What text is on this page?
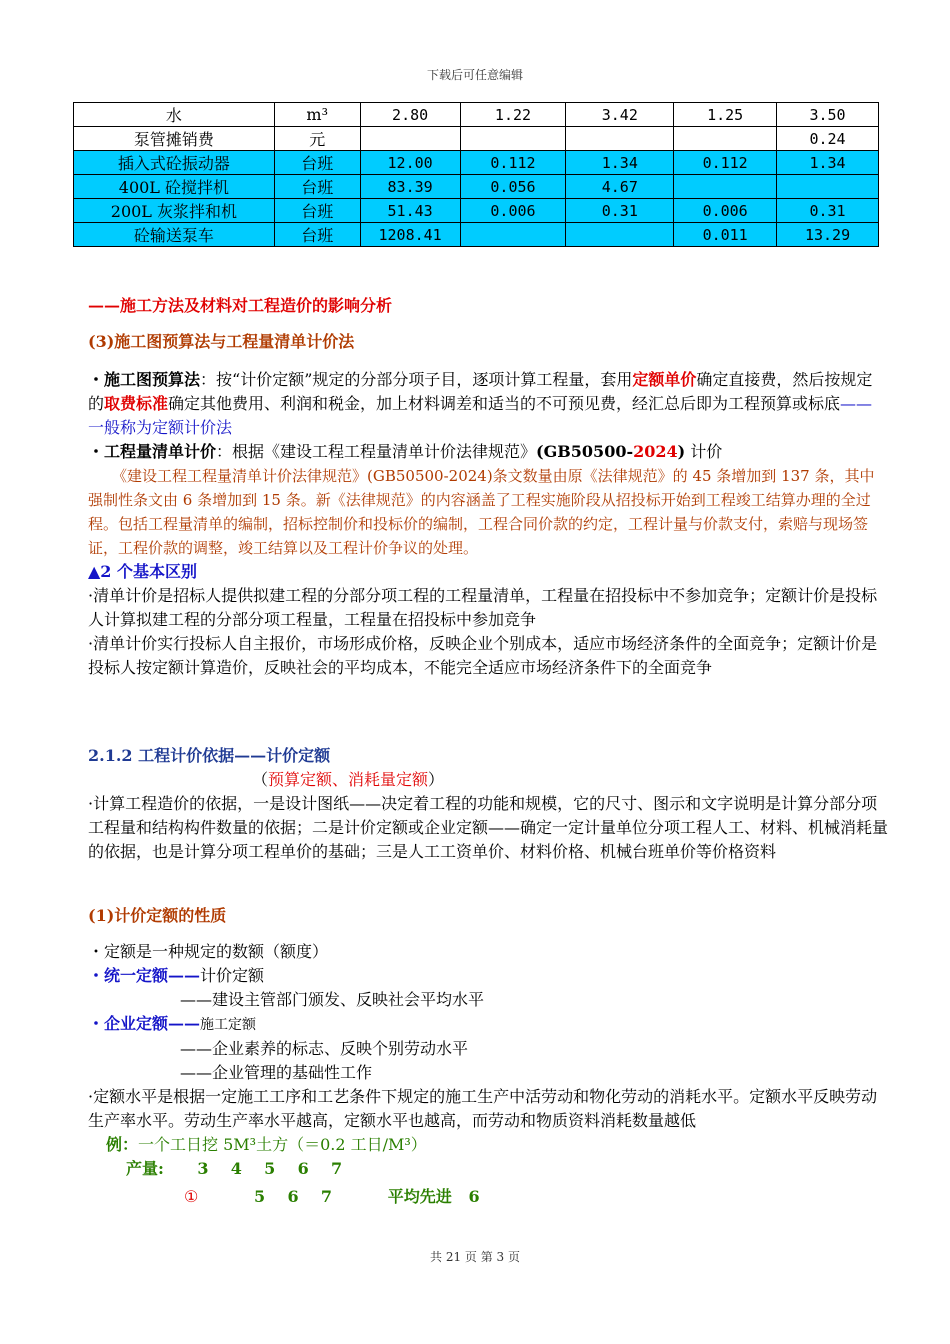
下载后可任意编辑
水	m³	2.80	1.22	3.42	1.25	3.50
泵管摊销费	元					0.24
插入式砼振动器	台班	12.00	0.112	1.34	0.112	1.34
400L 砼搅拌机	台班	83.39	0.056	4.67		
200L 灰浆拌和机	台班	51.43	0.006	0.31	0.006	0.31
砼输送泵车	台班	1208.41			0.011	13.29
——施工方法及材料对工程造价的影响分析
(3)施工图预算法与工程量清单计价法

・施工图预算法：按“计价定额”规定的分部分项子目，逐项计算工程量，套用定额单价确定直接费，然后按规定的取费标准确定其他费用、利润和税金，加上材料调差和适当的不可预见费，经汇总后即为工程预算或标底——一般称为定额计价法

・工程量清单计价：根据《建设工程工程量清单计价法律规范》(GB50500-2024) 计价

《建设工程工程量清单计价法律规范》(GB50500-2024)条文数量由原《法律规范》的 45 条增加到 137 条，其中强制性条文由 6 条增加到 15 条。新《法律规范》的内容涵盖了工程实施阶段从招投标开始到工程竣工结算办理的全过程。包括工程量清单的编制，招标控制价和投标价的编制，工程合同价款的约定，工程计量与价款支付，索赔与现场签证，工程价款的调整，竣工结算以及工程计价争议的处理。

▲2 个基本区别

·清单计价是招标人提供拟建工程的分部分项工程的工程量清单，工程量在招投标中不参加竞争；定额计价是投标人计算拟建工程的分部分项工程量，工程量在招投标中参加竞争

·清单计价实行投标人自主报价，市场形成价格，反映企业个别成本，适应市场经济条件的全面竞争；定额计价是投标人按定额计算造价，反映社会的平均成本，不能完全适应市场经济条件下的全面竞争

2.1.2 工程计价依据——计价定额

（预算定额、消耗量定额）

·计算工程造价的依据，一是设计图纸——决定着工程的功能和规模，它的尺寸、图示和文字说明是计算分部分项工程量和结构构件数量的依据；二是计价定额或企业定额——确定一定计量单位分项工程人工、材料、机械消耗量的依据，也是计算分项工程单价的基础；三是人工工资单价、材料价格、机械台班单价等价格资料

(1)计价定额的性质

・定额是一种规定的数额（额度）

・统一定额——计价定额

——建设主管部门颁发、反映社会平均水平

・企业定额——施工定额

——企业素养的标志、反映个别劳动水平

——企业管理的基础性工作

·定额水平是根据一定施工工序和工艺条件下规定的施工生产中活劳动和物化劳动的消耗水平。定额水平反映劳动生产率水平。劳动生产率水平越高，定额水平也越高，而劳动和物质资料消耗数量越低

例：一个工日挖 5M³土方（＝0.2 工日/M³）

产量: 3    4    5    6    7

①	5    6    7	平均先进 6

共 21 页 第 3 页
